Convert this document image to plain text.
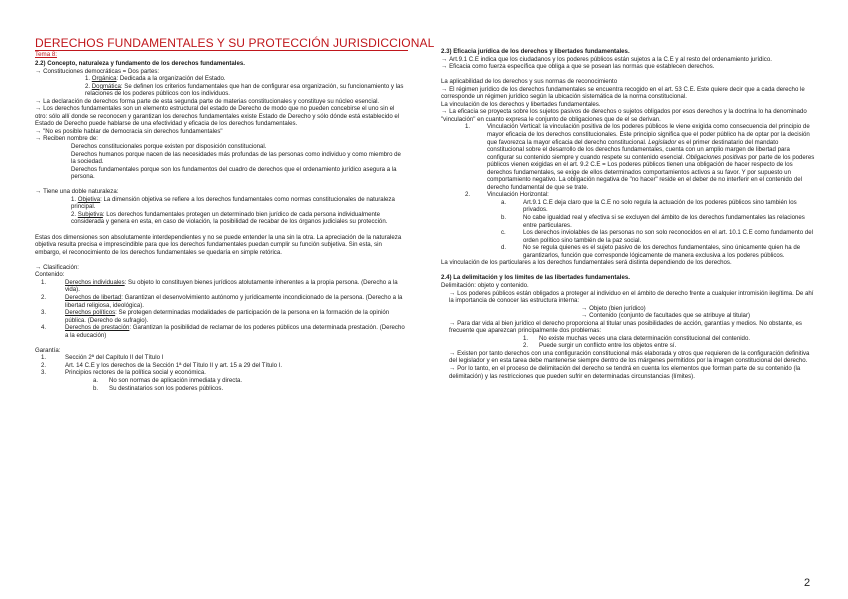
DERECHOS FUNDAMENTALES Y SU PROTECCIÓN JURISDICCIONAL
Tema 8:

2.2) Concepto, naturaleza y fundamento de los derechos fundamentales.

→ Constituciones democráticas = Dos partes:

1. Orgánica: Dedicada a la organización del Estado.

2. Dogmática: Se definen los criterios fundamentales que han de configurar esa organización, su funcionamiento y las relaciones de los poderes públicos con los individuos.

→ La declaración de derechos forma parte de esta segunda parte de materias constitucionales y constituye su núcleo esencial.

→ Los derechos fundamentales son un elemento estructural del estado de Derecho de modo que no pueden concebirse el uno sin el otro: sólo allí donde se reconocen y garantizan los derechos fundamentales existe Estado de Derecho y sólo dónde está establecido el Estado de Derecho puede hablarse de una efectividad y eficacia de los derechos fundamentales.

→ "No es posible hablar de democracia sin derechos fundamentales"

→ Reciben nombre de:

Derechos constitucionales porque existen por disposición constitucional.

Derechos humanos porque nacen de las necesidades más profundas de las personas como individuo y como miembro de la sociedad.

Derechos fundamentales porque son los fundamentos del cuadro de derechos que el ordenamiento jurídico asegura a la persona.

→ Tiene una doble naturaleza:

1. Objetiva: La dimensión objetiva se refiere a los derechos fundamentales como normas constitucionales de naturaleza principal.

2. Subjetiva: Los derechos fundamentales protegen un determinado bien jurídico de cada persona individualmente considerada y genera en esta, en caso de violación, la posibilidad de recabar de los órganos judiciales su protección.

Estas dos dimensiones son absolutamente interdependientes y no se puede entender la una sin la otra. La apreciación de la naturaleza objetiva resulta precisa e imprescindible para que los derechos fundamentales puedan cumplir su función subjetiva. Sin esta, sin embargo, el reconocimiento de los derechos fundamentales se quedaría en simple retórica.

→ Clasificación:

Contenido:

1.	Derechos individuales: Su objeto lo constituyen bienes jurídicos atolutamente inherentes a la propia persona. (Derecho a la vida).
2.	Derechos de libertad: Garantizan el desenvolvimiento autónomo y jurídicamente incondicionado de la persona. (Derecho a la libertad religiosa, ideológica).
3.	Derechos políticos: Se protegen determinadas modalidades de participación de la persona en la formación de la opinión pública. (Derecho de sufragio).
4.	Derechos de prestación: Garantizan la posibilidad de reclamar de los poderes públicos una determinada prestación. (Derecho a la educación)

Garantía:

1.	Sección 2ª del Capítulo II del Título I
2.	Art. 14 C.E y los derechos de la Sección 1ª del Título II y art. 15 a 29 del Título I.
3.	Principios rectores de la política social y económica.
a.	No son normas de aplicación inmediata y directa.
b.	Su destinatarios son los poderes públicos.

2.3) Eficacia jurídica de los derechos y libertades fundamentales.

→ Art.9.1 C.E indica que los ciudadanos y los poderes públicos están sujetos a la C.E y al resto del ordenamiento jurídico.

→ Eficacia como fuerza específica que obliga a que se posean las normas que establecen derechos.

La aplicabilidad de los derechos y sus normas de reconocimiento

→ El régimen jurídico de los derechos fundamentales se encuentra recogido en el art. 53 C.E. Este quiere decir que a cada derecho le corresponde un régimen jurídico según la ubicación sistemática de la norma constitucional.

La vinculación de los derechos y libertades fundamentales.

→ La eficacia se proyecta sobre los sujetos pasivos de derechos o sujetos obligados por esos derechos y la doctrina lo ha denominado "vinculación" en cuanto expresa le conjunto de obligaciones que de el se derivan.

1.	Vinculación Vertical: la vinculación positiva de los poderes públicos le viene exigida como consecuencia del principio de mayor eficacia de los derechos constitucionales. Este principio significa que el poder público ha de optar por la decisión que favorezca la mayor eficacia del derecho constitucional. Legislador es el primer destinatario del mandato constitucional sobre el desarrollo de los derechos fundamentales, cuenta con un amplio margen de libertad para configurar su contenido siempre y cuando respete su contenido esencial. Obligaciones positivas por parte de los poderes públicos vienen exigidas en el art. 9.2 C.E = Los poderes públicos tienen una obligación de hacer respecto de los derechos fundamentales, se exige de ellos determinados comportamientos activos a su favor. Y por supuesto un comportamiento negativo. La obligación negativa de "no hacer" reside en el deber de no interferir en el contenido del derecho fundamental de que se trate.
2.	Vinculación Horizontal:
a.	Art.9.1 C.E deja claro que la C.E no solo regula la actuación de los poderes públicos sino también los privados.
b.	No cabe igualdad real y efectiva si se excluyen del ámbito de los derechos fundamentales las relaciones entre particulares.
c.	Los derechos inviolables de las personas no son solo reconocidos en el art. 10.1 C.E como fundamento del orden político sino también de la paz social.
d.	No se regula quienes es el sujeto pasivo de los derechos fundamentales, sino únicamente quien ha de garantizarlos, función que corresponde lógicamente de manera exclusiva a los poderes públicos.

La vinculación de los particulares a los derechos fundamentales será distinta dependiendo de los derechos.

2.4) La delimitación y los límites de las libertades fundamentales.

Delimitación: objeto y contenido.

→ Los poderes públicos están obligados a proteger al individuo en el ámbito de derecho frente a cualquier intromisión ilegítima. De ahí la importancia de conocer las estructura interna:

→ Objeto (bien jurídico)

→ Contenido (conjunto de facultades que se atribuye al titular)

→ Para dar vida al bien jurídico el derecho proporciona al titular unas posibilidades de acción, garantías y medios. No obstante, es frecuente que aparezcan principalmente dos problemas:

1.	No existe muchas veces una clara determinación constitucional del contenido.
2.	Puede surgir un conflicto entre los objetos entre sí.

→ Existen por tanto derechos con una configuración constitucional más elaborada y otros que requieren de la configuración definitiva del legislador y en esta tarea debe mantenerse siempre dentro de los márgenes permitidos por la imagen constitucional del derecho.

→ Por lo tanto, en el proceso de delimitación del derecho se tendrá en cuenta los elementos que forman parte de su contenido (la delimitación) y las restricciones que pueden sufrir en determinadas circunstancias (límites).

2
